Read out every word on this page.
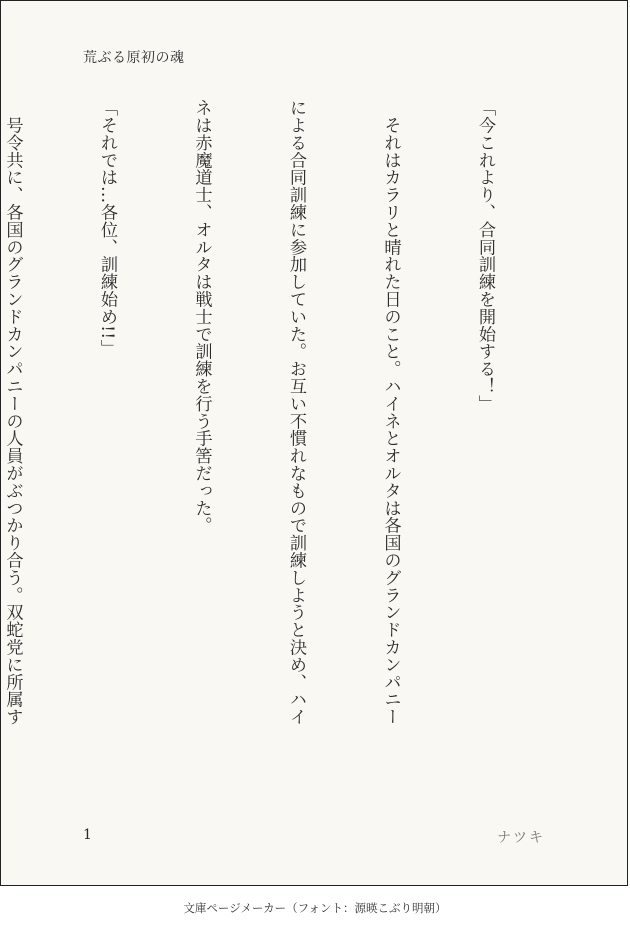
荒ぶる原初の魂

「今これより、合同訓練を開始する！」

　それはカラリと晴れた日のこと。ハイネとオルタは各国のグランドカンパニー

による合同訓練に参加していた。お互い不慣れなもので訓練しようと決め、ハイ

ネは赤魔道士、オルタは戦士で訓練を行う手筈だった。

「それでは…各位、訓練始め!!」

　号令共に、各国のグランドカンパニーの人員がぶつかり合う。双蛇党に所属す

1	ナツキ
文庫ページメーカー（フォント：源暎こぶり明朝）
